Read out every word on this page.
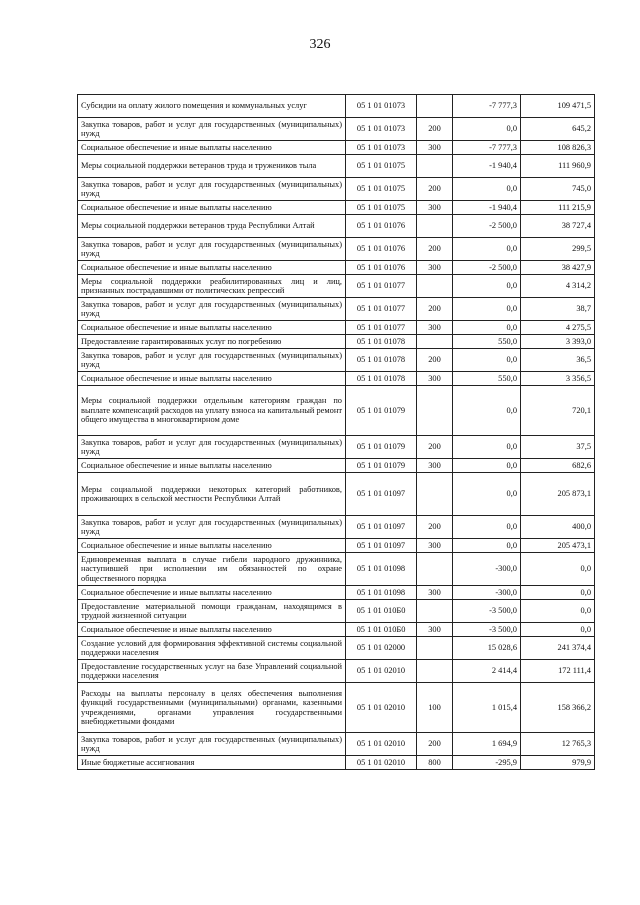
326
Субсидии на оплату жилого помещения и коммунальных услуг	05 1 01 01073		-7 777,3	109 471,5
Закупка товаров, работ и услуг для государственных (муниципальных) нужд	05 1 01 01073	200	0,0	645,2
Социальное обеспечение и иные выплаты населению	05 1 01 01073	300	-7 777,3	108 826,3
Меры социальной поддержки ветеранов труда и тружеников тыла	05 1 01 01075		-1 940,4	111 960,9
Закупка товаров, работ и услуг для государственных (муниципальных) нужд	05 1 01 01075	200	0,0	745,0
Социальное обеспечение и иные выплаты населению	05 1 01 01075	300	-1 940,4	111 215,9
Меры социальной поддержки ветеранов труда Республики Алтай	05 1 01 01076		-2 500,0	38 727,4
Закупка товаров, работ и услуг для государственных (муниципальных) нужд	05 1 01 01076	200	0,0	299,5
Социальное обеспечение и иные выплаты населению	05 1 01 01076	300	-2 500,0	38 427,9
Меры социальной поддержки реабилитированных лиц и лиц, признанных пострадавшими от политических репрессий	05 1 01 01077		0,0	4 314,2
Закупка товаров, работ и услуг для государственных (муниципальных) нужд	05 1 01 01077	200	0,0	38,7
Социальное обеспечение и иные выплаты населению	05 1 01 01077	300	0,0	4 275,5
Предоставление гарантированных услуг по погребению	05 1 01 01078		550,0	3 393,0
Закупка товаров, работ и услуг для государственных (муниципальных) нужд	05 1 01 01078	200	0,0	36,5
Социальное обеспечение и иные выплаты населению	05 1 01 01078	300	550,0	3 356,5
Меры социальной поддержки отдельным категориям граждан по выплате компенсаций расходов на уплату взноса на капитальный ремонт общего имущества в многоквартирном доме	05 1 01 01079		0,0	720,1
Закупка товаров, работ и услуг для государственных (муниципальных) нужд	05 1 01 01079	200	0,0	37,5
Социальное обеспечение и иные выплаты населению	05 1 01 01079	300	0,0	682,6
Меры социальной поддержки некоторых категорий работников, проживающих в сельской местности Республики Алтай	05 1 01 01097		0,0	205 873,1
Закупка товаров, работ и услуг для государственных (муниципальных) нужд	05 1 01 01097	200	0,0	400,0
Социальное обеспечение и иные выплаты населению	05 1 01 01097	300	0,0	205 473,1
Единовременная выплата в случае гибели народного дружинника, наступившей при исполнении им обязанностей по охране общественного порядка	05 1 01 01098		-300,0	0,0
Социальное обеспечение и иные выплаты населению	05 1 01 01098	300	-300,0	0,0
Предоставление материальной помощи гражданам, находящимся в трудной жизненной ситуации	05 1 01 010Б0		-3 500,0	0,0
Социальное обеспечение и иные выплаты населению	05 1 01 010Б0	300	-3 500,0	0,0
Создание условий для формирования эффективной системы социальной поддержки населения	05 1 01 02000		15 028,6	241 374,4
Предоставление государственных услуг на базе Управлений социальной поддержки населения	05 1 01 02010		2 414,4	172 111,4
Расходы на выплаты персоналу в целях обеспечения выполнения функций государственными (муниципальными) органами, казенными учреждениями, органами управления государственными внебюджетными фондами	05 1 01 02010	100	1 015,4	158 366,2
Закупка товаров, работ и услуг для государственных (муниципальных) нужд	05 1 01 02010	200	1 694,9	12 765,3
Иные бюджетные ассигнования	05 1 01 02010	800	-295,9	979,9
